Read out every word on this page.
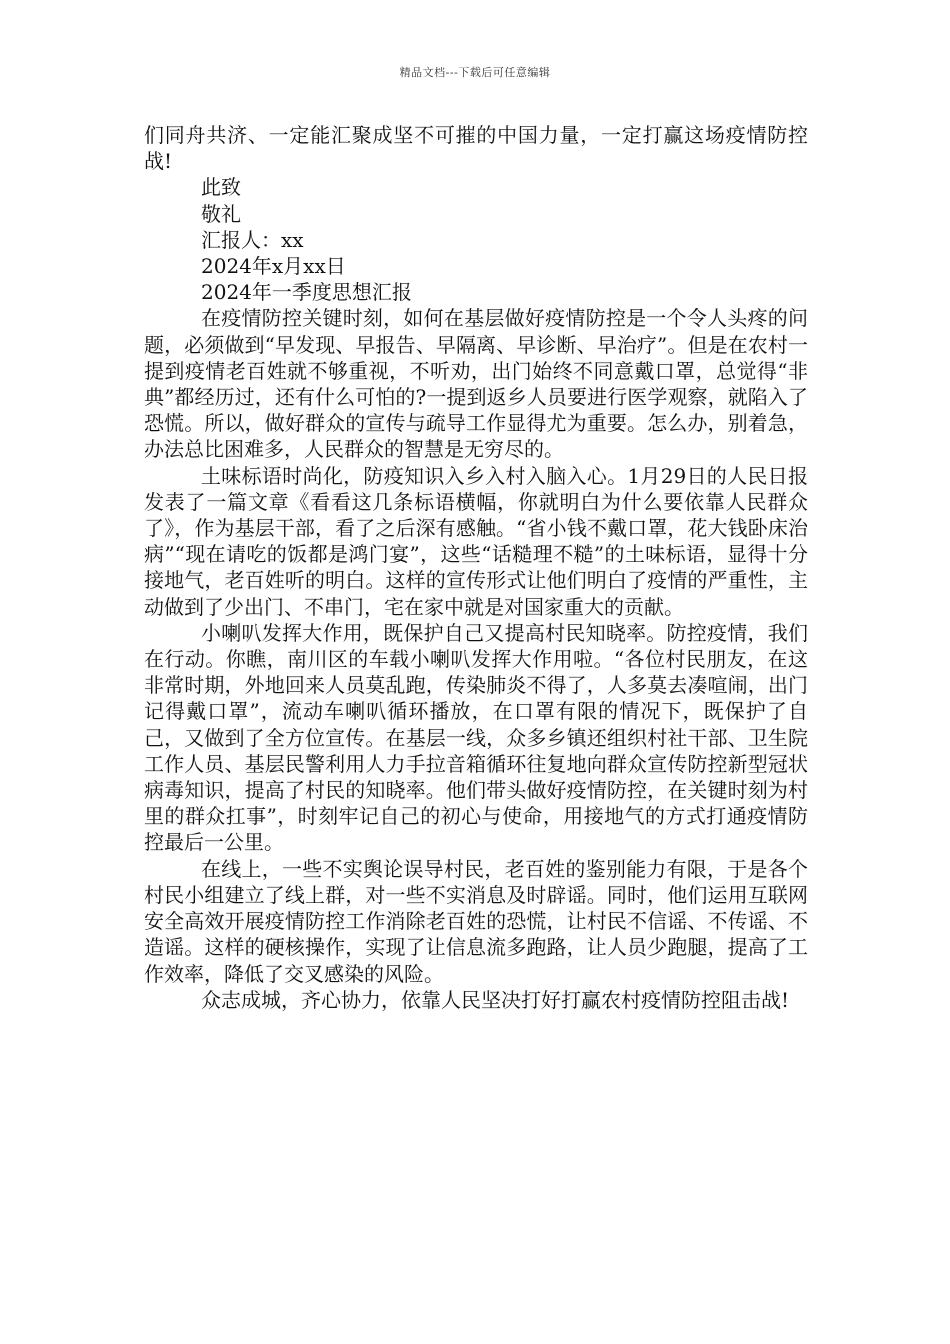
精品文档---下载后可任意编辑

们同舟共济、一定能汇聚成坚不可摧的中国力量，一定打赢这场疫情防控战!

此致

敬礼

汇报人：xx

2024年x月xx日

2024年一季度思想汇报

在疫情防控关键时刻，如何在基层做好疫情防控是一个令人头疼的问题，必须做到“早发现、早报告、早隔离、早诊断、早治疗”。但是在农村一提到疫情老百姓就不够重视，不听劝，出门始终不同意戴口罩，总觉得“非典”都经历过，还有什么可怕的?一提到返乡人员要进行医学观察，就陷入了恐慌。所以，做好群众的宣传与疏导工作显得尤为重要。怎么办，别着急，办法总比困难多，人民群众的智慧是无穷尽的。

土味标语时尚化，防疫知识入乡入村入脑入心。1月29日的人民日报发表了一篇文章《看看这几条标语横幅，你就明白为什么要依靠人民群众了》，作为基层干部，看了之后深有感触。“省小钱不戴口罩，花大钱卧床治病”“现在请吃的饭都是鸿门宴”，这些“话糙理不糙”的土味标语，显得十分接地气，老百姓听的明白。这样的宣传形式让他们明白了疫情的严重性，主动做到了少出门、不串门，宅在家中就是对国家重大的贡献。

小喇叭发挥大作用，既保护自己又提高村民知晓率。防控疫情，我们在行动。你瞧，南川区的车载小喇叭发挥大作用啦。“各位村民朋友，在这非常时期，外地回来人员莫乱跑，传染肺炎不得了，人多莫去凑喧闹，出门记得戴口罩”，流动车喇叭循环播放，在口罩有限的情况下，既保护了自己，又做到了全方位宣传。在基层一线，众多乡镇还组织村社干部、卫生院工作人员、基层民警利用人力手拉音箱循环往复地向群众宣传防控新型冠状病毒知识，提高了村民的知晓率。他们带头做好疫情防控，在关键时刻为村里的群众扛事”，时刻牢记自己的初心与使命，用接地气的方式打通疫情防控最后一公里。

在线上，一些不实舆论误导村民，老百姓的鉴别能力有限，于是各个村民小组建立了线上群，对一些不实消息及时辟谣。同时，他们运用互联网安全高效开展疫情防控工作消除老百姓的恐慌，让村民不信谣、不传谣、不造谣。这样的硬核操作，实现了让信息流多跑路，让人员少跑腿，提高了工作效率，降低了交叉感染的风险。

众志成城，齐心协力，依靠人民坚决打好打赢农村疫情防控阻击战!
